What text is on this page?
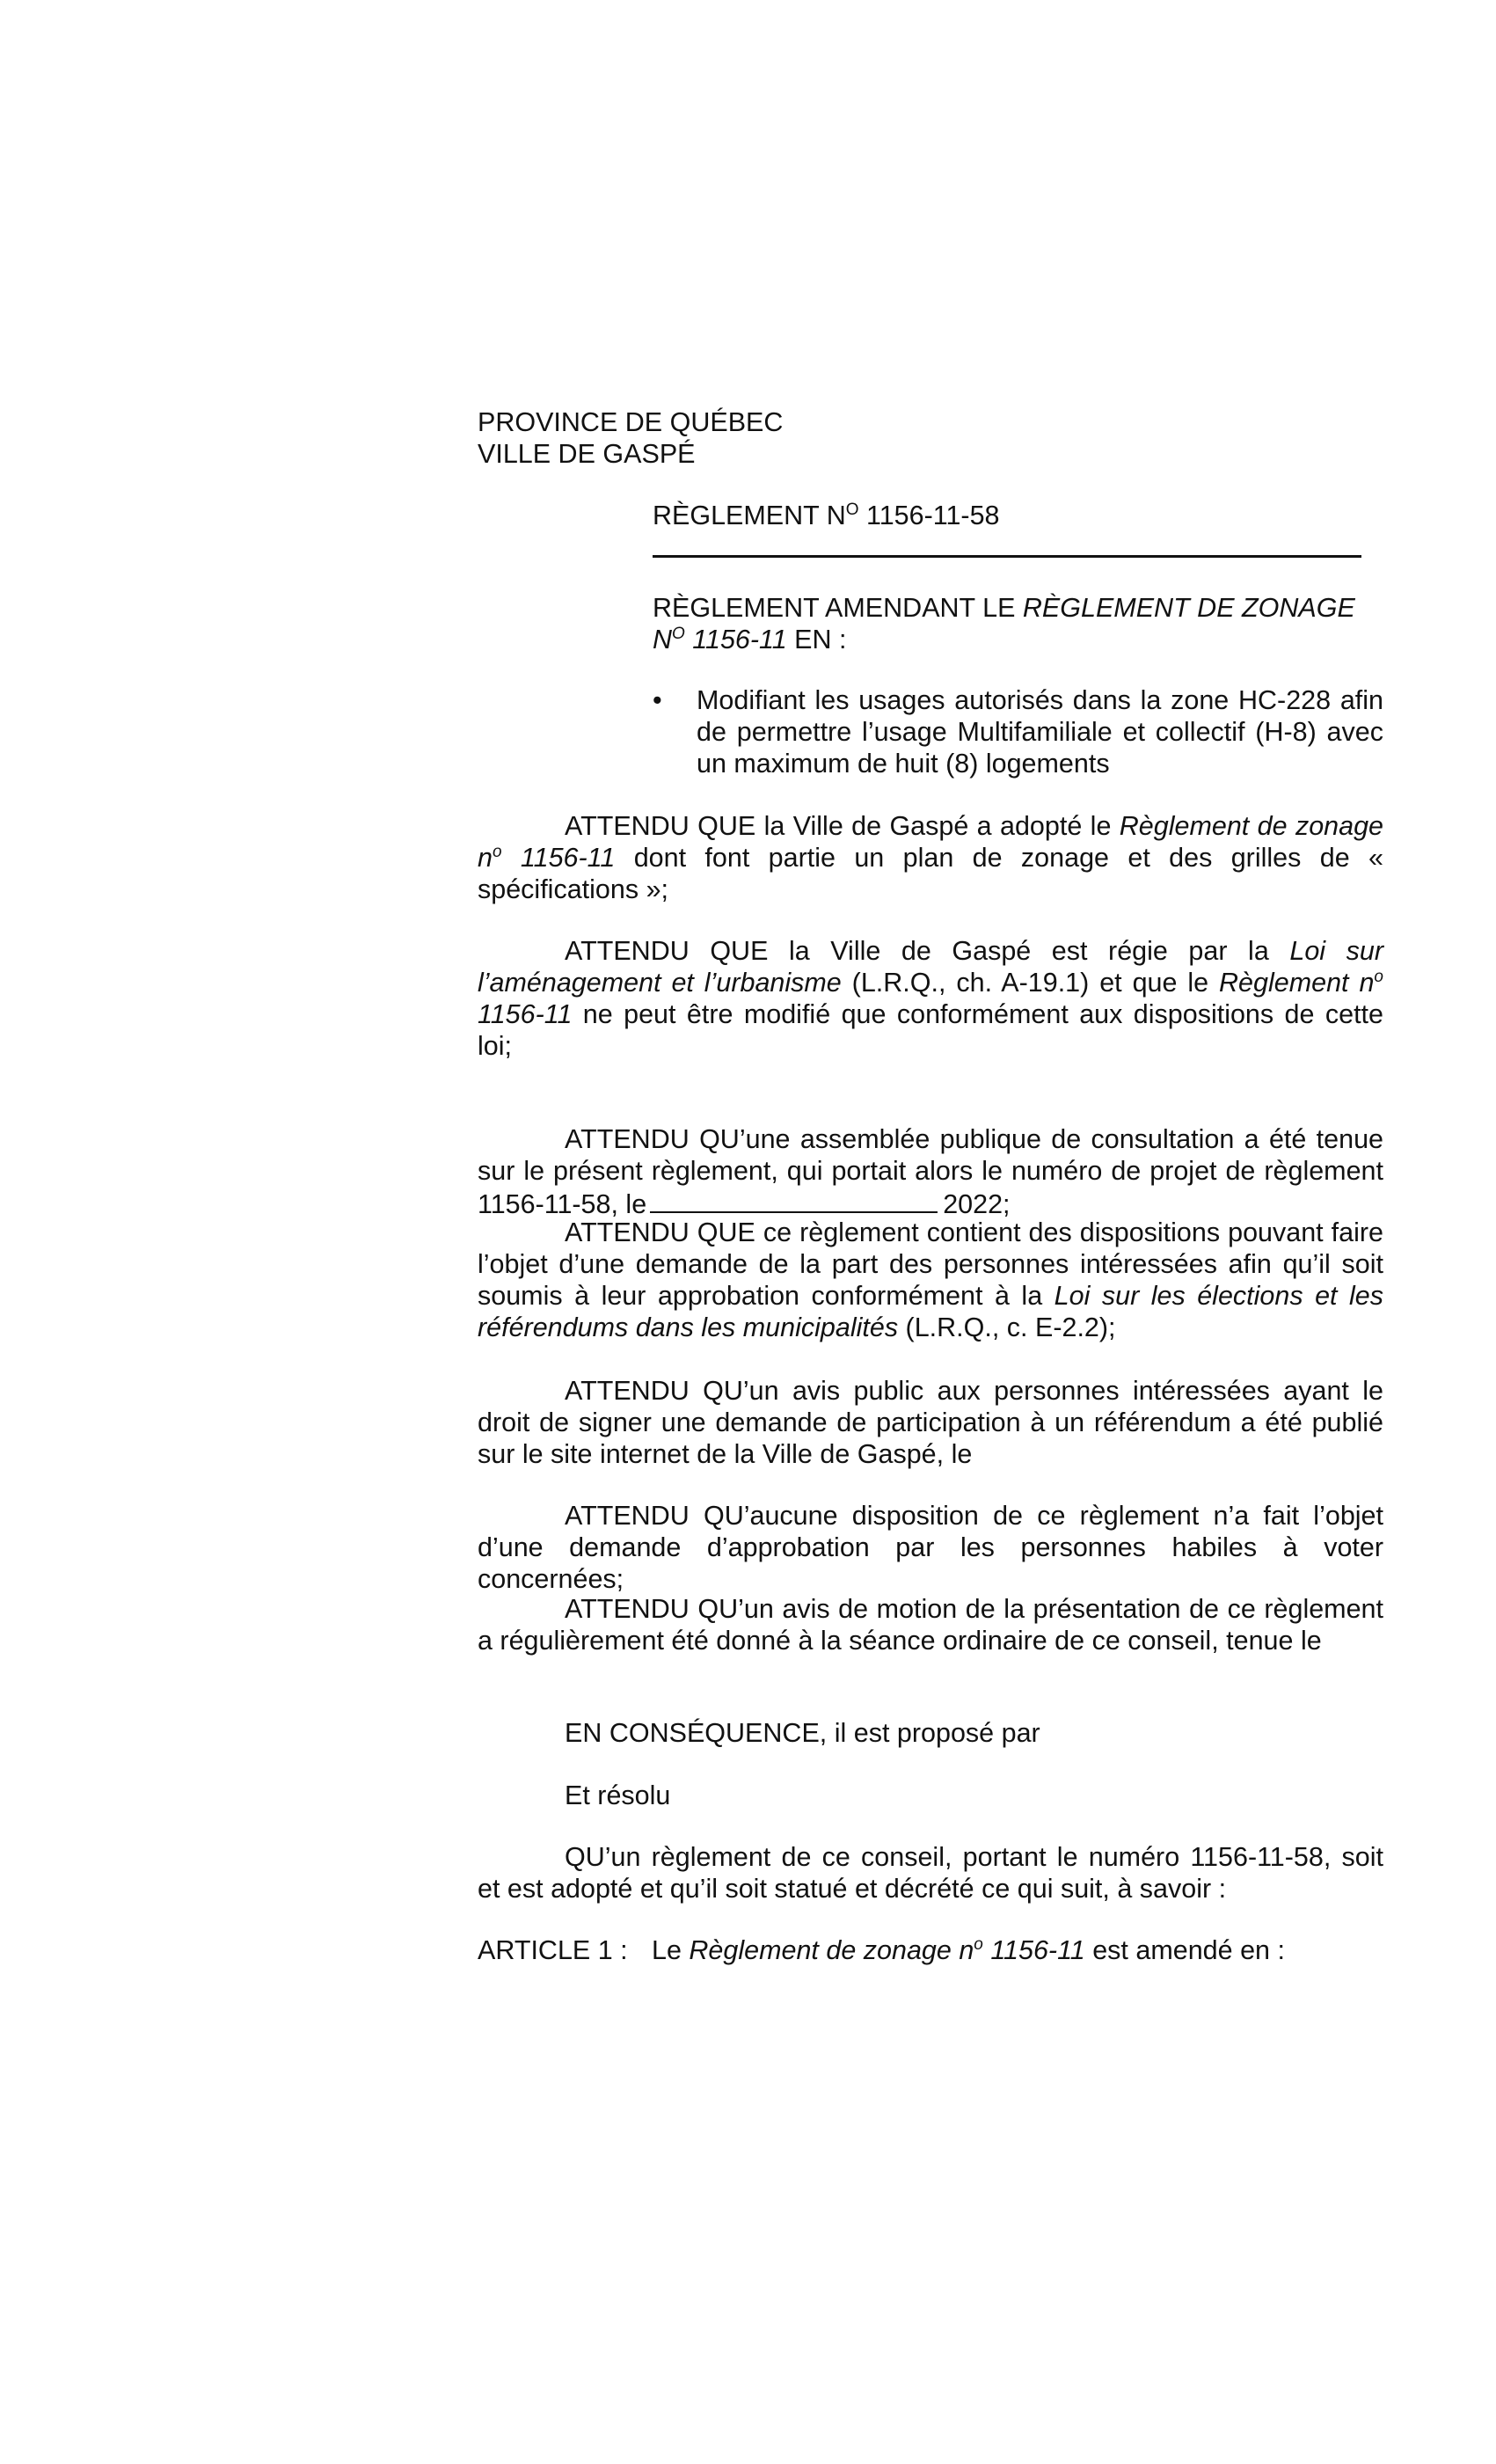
PROVINCE DE QUÉBEC
VILLE DE GASPÉ
RÈGLEMENT $N^O$ 1156-11-58
RÈGLEMENT AMENDANT LE RÈGLEMENT DE ZONAGE
$N^O$ 1156-11 EN :
•	Modifiant les usages autorisés dans la zone HC-228 afin de permettre l’usage Multifamiliale et collectif (H-8) avec un maximum de huit (8) logements
ATTENDU QUE la Ville de Gaspé a adopté le Règlement de zonage $n^o$ 1156-11 dont font partie un plan de zonage et des grilles de « spécifications »;
ATTENDU QUE la Ville de Gaspé est régie par la Loi sur l’aménagement et l’urbanisme (L.R.Q., ch. A-19.1) et que le Règlement $n^o$ 1156-11 ne peut être modifié que conformément aux dispositions de cette loi;
ATTENDU QU’une assemblée publique de consultation a été tenue sur le présent règlement, qui portait alors le numéro de projet de règlement 1156-11-58, le	2022;
ATTENDU QUE ce règlement contient des dispositions pouvant faire l’objet d’une demande de la part des personnes intéressées afin qu’il soit soumis à leur approbation conformément à la Loi sur les élections et les référendums dans les municipalités (L.R.Q., c. E-2.2);
ATTENDU QU’un avis public aux personnes intéressées ayant le droit de signer une demande de participation à un référendum a été publié sur le site internet de la Ville de Gaspé, le
ATTENDU QU’aucune disposition de ce règlement n’a fait l’objet d’une demande d’approbation par les personnes habiles à voter concernées;
ATTENDU QU’un avis de motion de la présentation de ce règlement a régulièrement été donné à la séance ordinaire de ce conseil, tenue le
EN CONSÉQUENCE, il est proposé par
Et résolu
QU’un règlement de ce conseil, portant le numéro 1156-11-58, soit et est adopté et qu’il soit statué et décrété ce qui suit, à savoir :
ARTICLE 1 : Le Règlement de zonage $n^o$ 1156-11 est amendé en :
